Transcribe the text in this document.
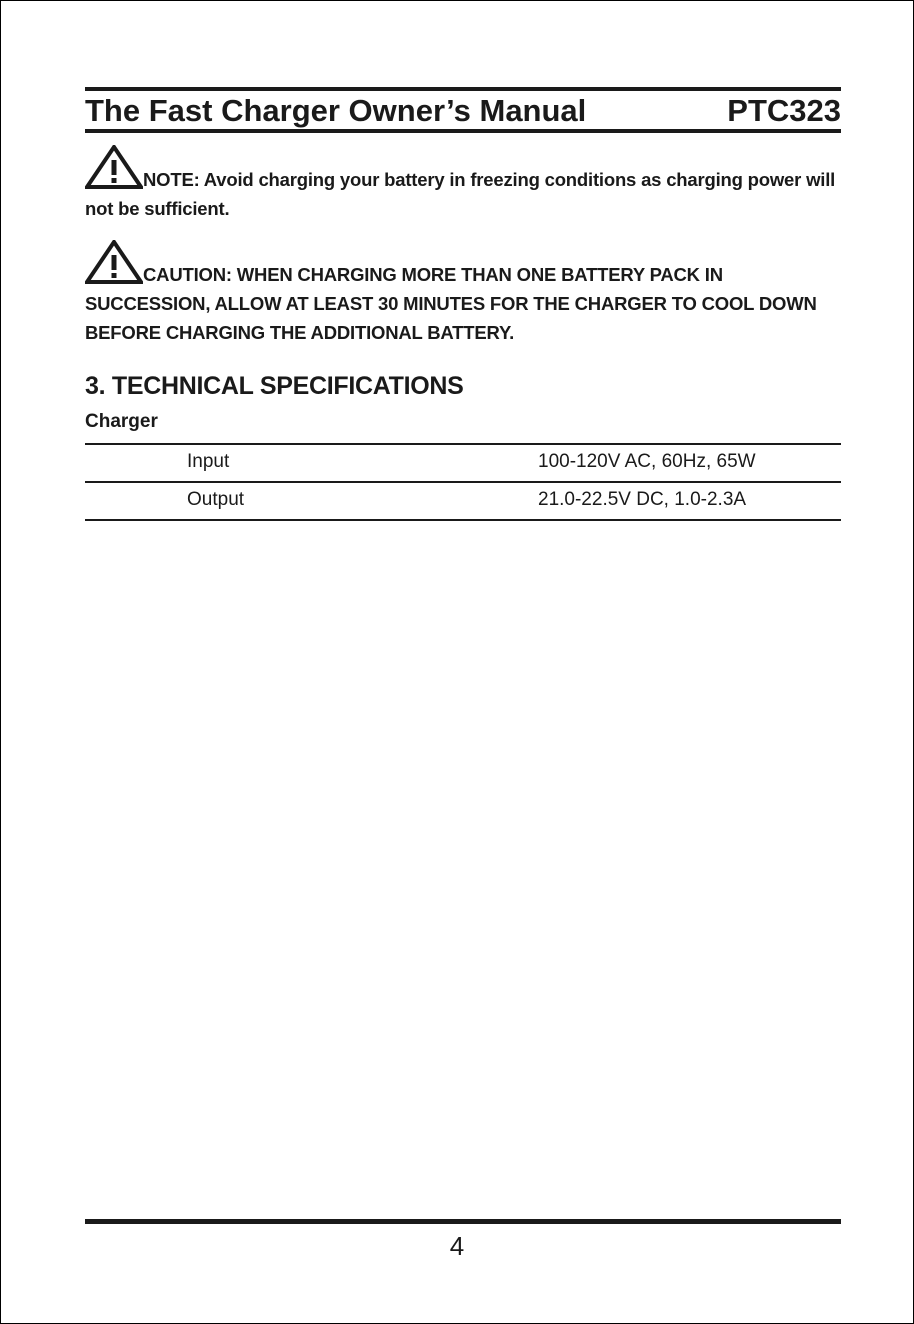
The Fast Charger Owner’s Manual	PTC323
NOTE: Avoid charging your battery in freezing conditions as charging power will not be sufficient.
CAUTION: WHEN CHARGING MORE THAN ONE BATTERY PACK IN SUCCESSION, ALLOW AT LEAST 30 MINUTES FOR THE CHARGER TO COOL DOWN BEFORE CHARGING THE ADDITIONAL BATTERY.
3. TECHNICAL SPECIFICATIONS
Charger
Input	100-120V AC, 60Hz, 65W
Output	21.0-22.5V DC, 1.0-2.3A
4
